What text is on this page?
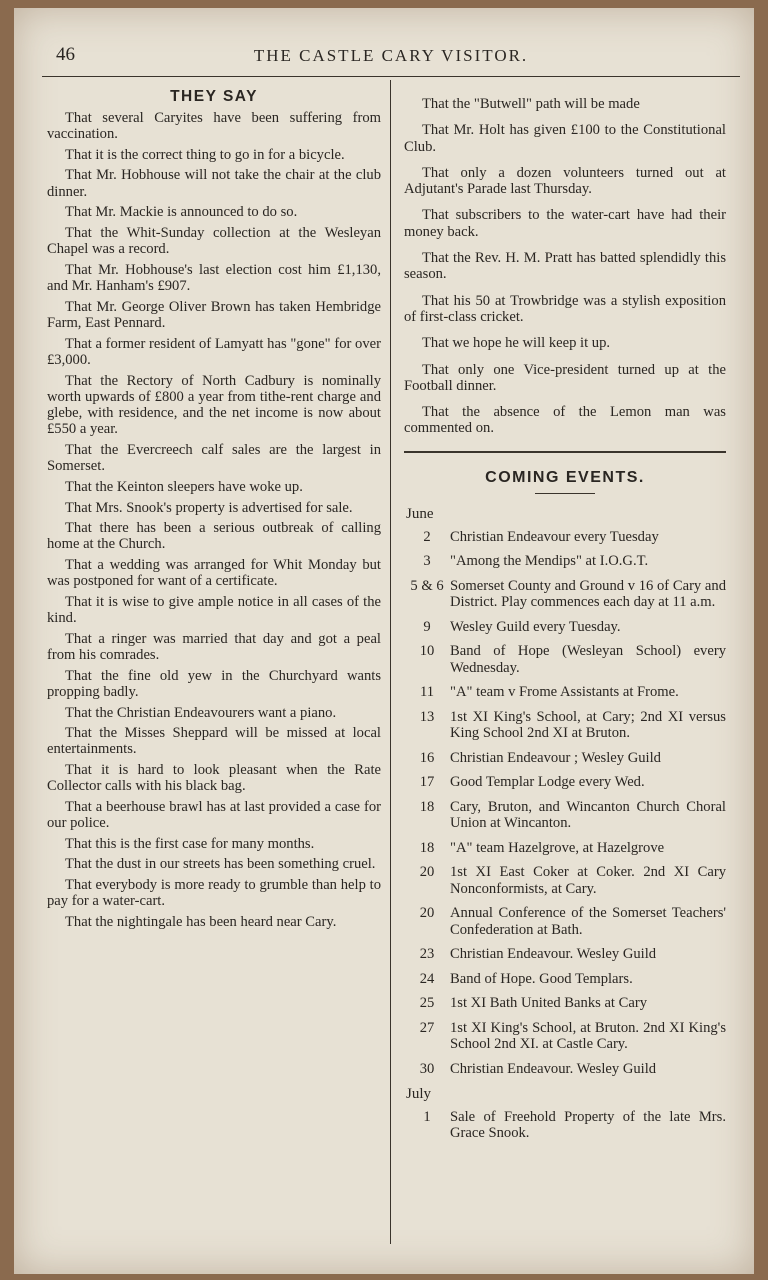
46	THE CASTLE CARY VISITOR.
THEY SAY

That several Caryites have been suffering from vaccination.

That it is the correct thing to go in for a bicycle.

That Mr. Hobhouse will not take the chair at the club dinner.

That Mr. Mackie is announced to do so.

That the Whit-Sunday collection at the Wesleyan Chapel was a record.

That Mr. Hobhouse's last election cost him £1,130, and Mr. Hanham's £907.

That Mr. George Oliver Brown has taken Hembridge Farm, East Pennard.

That a former resident of Lamyatt has "gone" for over £3,000.

That the Rectory of North Cadbury is nominally worth upwards of £800 a year from tithe-rent charge and glebe, with residence, and the net income is now about £550 a year.

That the Evercreech calf sales are the largest in Somerset.

That the Keinton sleepers have woke up.

That Mrs. Snook's property is advertised for sale.

That there has been a serious outbreak of calling home at the Church.

That a wedding was arranged for Whit Monday but was postponed for want of a certificate.

That it is wise to give ample notice in all cases of the kind.

That a ringer was married that day and got a peal from his comrades.

That the fine old yew in the Churchyard wants propping badly.

That the Christian Endeavourers want a piano.

That the Misses Sheppard will be missed at local entertainments.

That it is hard to look pleasant when the Rate Collector calls with his black bag.

That a beerhouse brawl has at last provided a case for our police.

That this is the first case for many months.

That the dust in our streets has been something cruel.

That everybody is more ready to grumble than help to pay for a water-cart.

That the nightingale has been heard near Cary.

That the "Butwell" path will be made

That Mr. Holt has given £100 to the Constitutional Club.

That only a dozen volunteers turned out at Adjutant's Parade last Thursday.

That subscribers to the water-cart have had their money back.

That the Rev. H. M. Pratt has batted splendidly this season.

That his 50 at Trowbridge was a stylish exposition of first-class cricket.

That we hope he will keep it up.

That only one Vice-president turned up at the Football dinner.

That the absence of the Lemon man was commented on.

COMING EVENTS.
June
2	Christian Endeavour every Tuesday
3	"Among the Mendips" at I.O.G.T.
5 & 6 Somerset County and Ground v 16 of Cary and District. Play commences each day at 11 a.m.
9	Wesley Guild every Tuesday.
10	Band of Hope (Wesleyan School) every Wednesday.
11	"A" team v Frome Assistants at Frome.
13	1st XI King's School, at Cary; 2nd XI versus King School 2nd XI at Bruton.
16	Christian Endeavour ; Wesley Guild
17	Good Templar Lodge every Wed.
18	Cary, Bruton, and Wincanton Church Choral Union at Wincanton.
18	"A" team Hazelgrove, at Hazelgrove
20	1st XI East Coker at Coker. 2nd XI Cary Nonconformists, at Cary.
20	Annual Conference of the Somerset Teachers' Confederation at Bath.
23	Christian Endeavour. Wesley Guild
24	Band of Hope. Good Templars.
25	1st XI Bath United Banks at Cary
27	1st XI King's School, at Bruton. 2nd XI King's School 2nd XI. at Castle Cary.
30	Christian Endeavour. Wesley Guild
July
1	Sale of Freehold Property of the late Mrs. Grace Snook.
